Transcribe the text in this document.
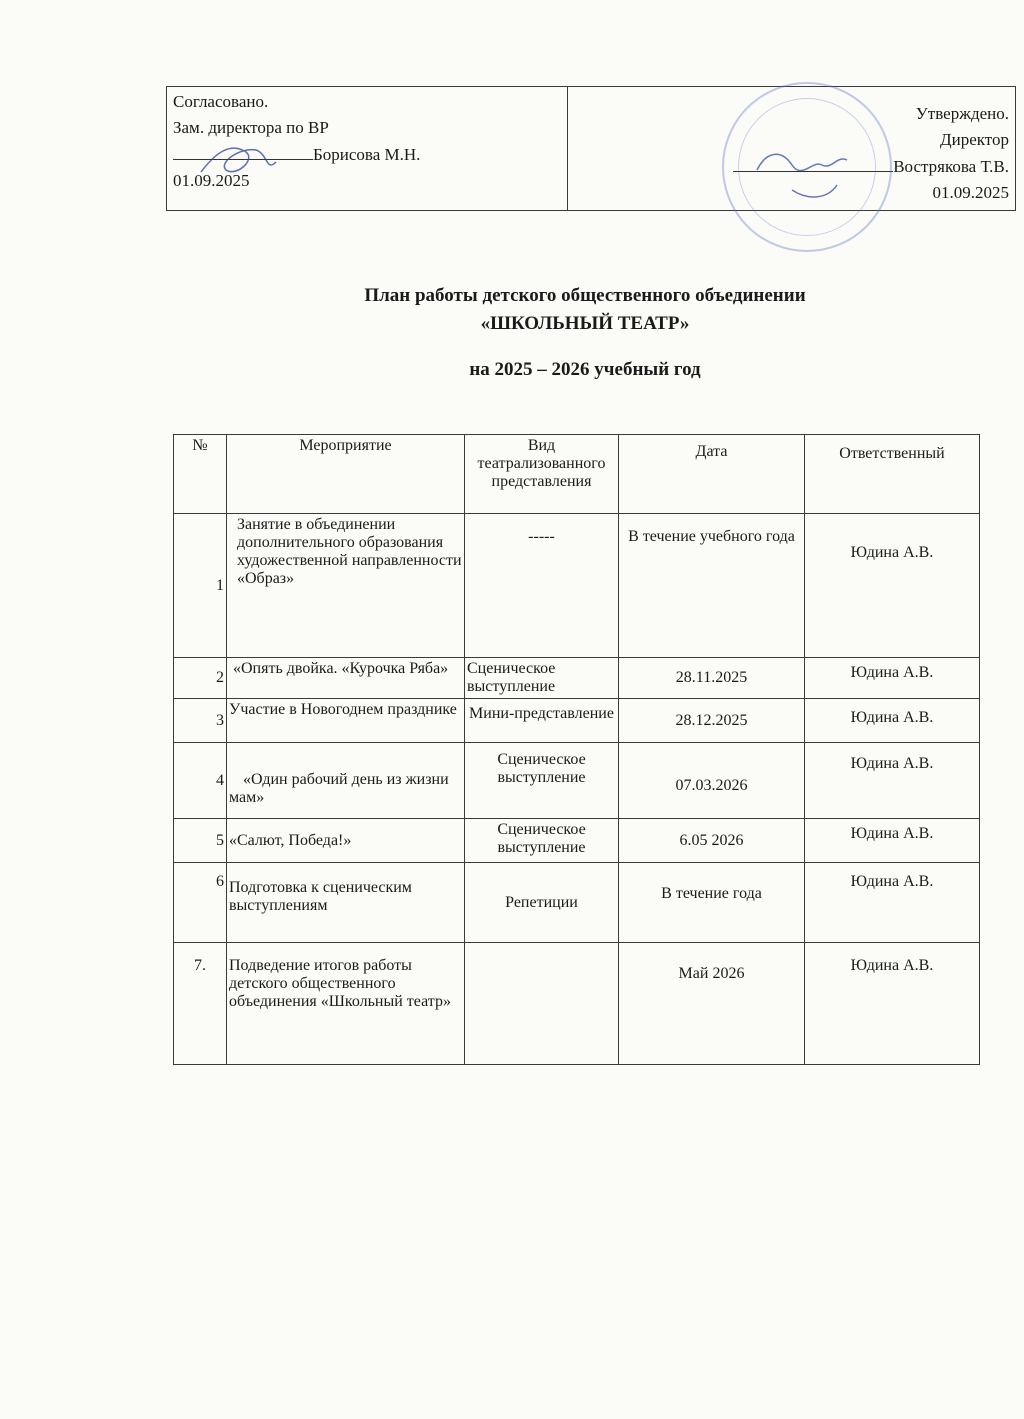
Согласовано.
Зам. директора по ВР
Борисова М.Н.
01.09.2025

Утверждено.
Директор
Вострякова Т.В.
01.09.2025
План работы детского общественного объединении
«ШКОЛЬНЫЙ ТЕАТР»
на 2025 – 2026 учебный год
№	Мероприятие	Вид театрализованного представления	Дата	Ответственный
1	Занятие в объединении дополнительного образования художественной направленности «Образ»	-----	В течение учебного года	Юдина А.В.
2	«Опять двойка. «Курочка Ряба»	Сценическое выступление	28.11.2025	Юдина А.В.
3	Участие в Новогоднем празднике	Мини-представление	28.12.2025	Юдина А.В.
4	«Один рабочий день из жизни мам»	Сценическое выступление	07.03.2026	Юдина А.В.
5	«Салют, Победа!»	Сценическое выступление	6.05 2026	Юдина А.В.
6	Подготовка к сценическим выступлениям	Репетиции	В течение года	Юдина А.В.
7.	Подведение итогов работы детского общественного объединения «Школьный театр»		Май 2026	Юдина А.В.
